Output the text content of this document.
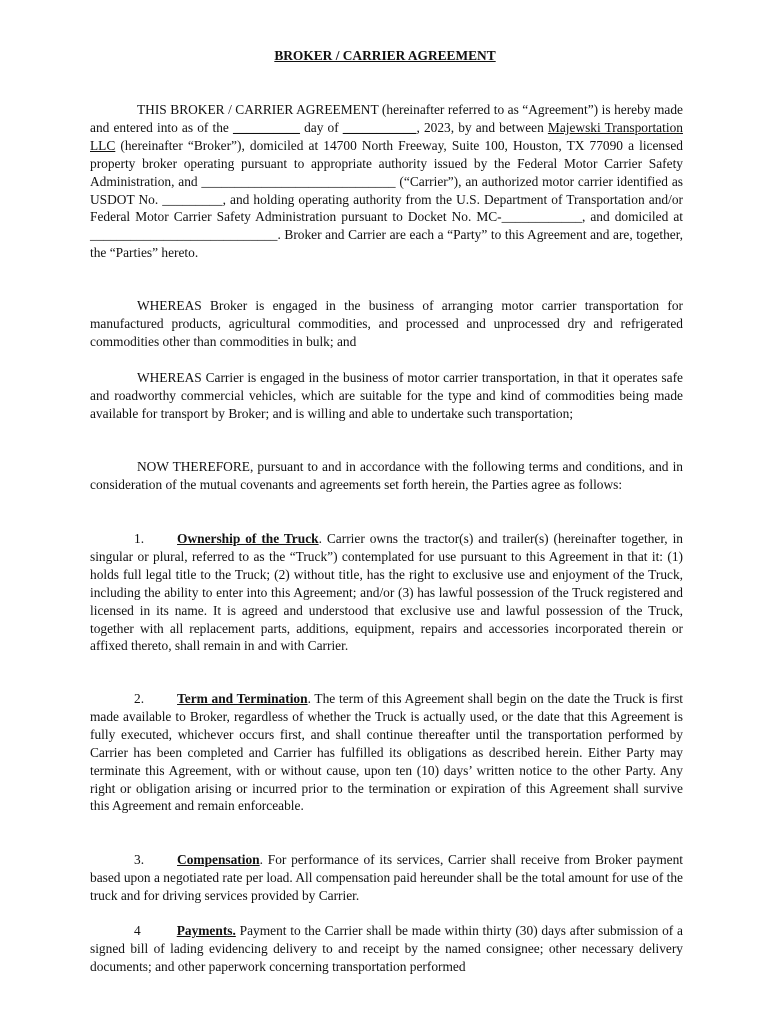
BROKER / CARRIER AGREEMENT

THIS BROKER / CARRIER AGREEMENT (hereinafter referred to as “Agreement”) is hereby made and entered into as of the __________ day of ___________, 2023, by and between Majewski Transportation LLC (hereinafter “Broker”), domiciled at 14700 North Freeway, Suite 100, Houston, TX 77090 a licensed property broker operating pursuant to appropriate authority issued by the Federal Motor Carrier Safety Administration, and _____________________________ (“Carrier”), an authorized motor carrier identified as USDOT No. _________, and holding operating authority from the U.S. Department of Transportation and/or Federal Motor Carrier Safety Administration pursuant to Docket No. MC-____________, and domiciled at ____________________________. Broker and Carrier are each a “Party” to this Agreement and are, together, the “Parties” hereto.

WHEREAS Broker is engaged in the business of arranging motor carrier transportation for manufactured products, agricultural commodities, and processed and unprocessed dry and refrigerated commodities other than commodities in bulk; and

WHEREAS Carrier is engaged in the business of motor carrier transportation, in that it operates safe and roadworthy commercial vehicles, which are suitable for the type and kind of commodities being made available for transport by Broker; and is willing and able to undertake such transportation;

NOW THEREFORE, pursuant to and in accordance with the following terms and conditions, and in consideration of the mutual covenants and agreements set forth herein, the Parties agree as follows:

1. Ownership of the Truck. Carrier owns the tractor(s) and trailer(s) (hereinafter together, in singular or plural, referred to as the “Truck”) contemplated for use pursuant to this Agreement in that it: (1) holds full legal title to the Truck; (2) without title, has the right to exclusive use and enjoyment of the Truck, including the ability to enter into this Agreement; and/or (3) has lawful possession of the Truck registered and licensed in its name. It is agreed and understood that exclusive use and lawful possession of the Truck, together with all replacement parts, additions, equipment, repairs and accessories incorporated therein or affixed thereto, shall remain in and with Carrier.

2. Term and Termination. The term of this Agreement shall begin on the date the Truck is first made available to Broker, regardless of whether the Truck is actually used, or the date that this Agreement is fully executed, whichever occurs first, and shall continue thereafter until the transportation performed by Carrier has been completed and Carrier has fulfilled its obligations as described herein. Either Party may terminate this Agreement, with or without cause, upon ten (10) days’ written notice to the other Party. Any right or obligation arising or incurred prior to the termination or expiration of this Agreement shall survive this Agreement and remain enforceable.

3. Compensation. For performance of its services, Carrier shall receive from Broker payment based upon a negotiated rate per load. All compensation paid hereunder shall be the total amount for use of the truck and for driving services provided by Carrier.

4	Payments. Payment to the Carrier shall be made within thirty (30) days after submission of a signed bill of lading evidencing delivery to and receipt by the named consignee; other necessary delivery documents; and other paperwork concerning transportation performed
